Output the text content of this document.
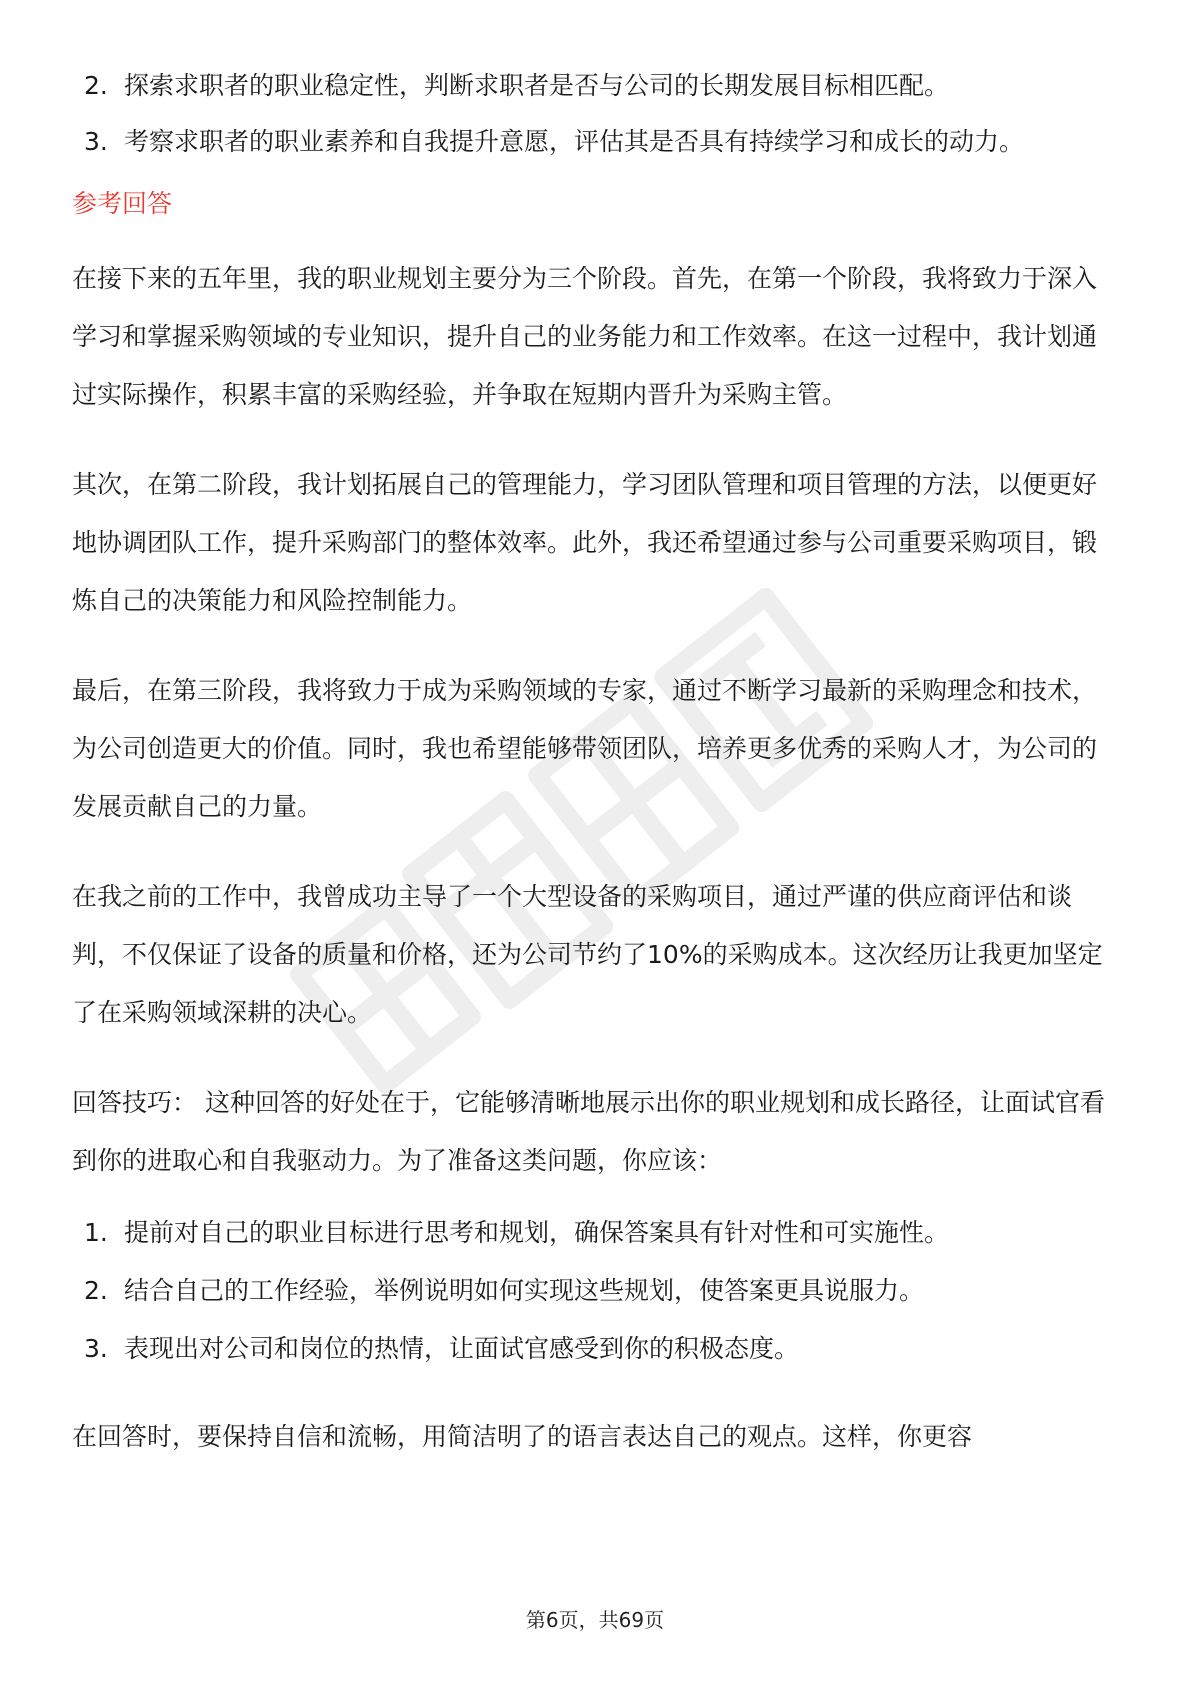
2. 探索求职者的职业稳定性，判断求职者是否与公司的长期发展目标相匹配。
3. 考察求职者的职业素养和自我提升意愿，评估其是否具有持续学习和成长的动力。
参考回答

在接下来的五年里，我的职业规划主要分为三个阶段。首先，在第一个阶段，我将致力于深入学习和掌握采购领域的专业知识，提升自己的业务能力和工作效率。在这一过程中，我计划通过实际操作，积累丰富的采购经验，并争取在短期内晋升为采购主管。

其次，在第二阶段，我计划拓展自己的管理能力，学习团队管理和项目管理的方法，以便更好地协调团队工作，提升采购部门的整体效率。此外，我还希望通过参与公司重要采购项目，锻炼自己的决策能力和风险控制能力。

最后，在第三阶段，我将致力于成为采购领域的专家，通过不断学习最新的采购理念和技术，为公司创造更大的价值。同时，我也希望能够带领团队，培养更多优秀的采购人才，为公司的发展贡献自己的力量。

在我之前的工作中，我曾成功主导了一个大型设备的采购项目，通过严谨的供应商评估和谈判，不仅保证了设备的质量和价格，还为公司节约了10%的采购成本。这次经历让我更加坚定了在采购领域深耕的决心。

回答技巧： 这种回答的好处在于，它能够清晰地展示出你的职业规划和成长路径，让面试官看到你的进取心和自我驱动力。为了准备这类问题，你应该：

1. 提前对自己的职业目标进行思考和规划，确保答案具有针对性和可实施性。
2. 结合自己的工作经验，举例说明如何实现这些规划，使答案更具说服力。
3. 表现出对公司和岗位的热情，让面试官感受到你的积极态度。

在回答时，要保持自信和流畅，用简洁明了的语言表达自己的观点。这样，你更容

第6页，共69页
